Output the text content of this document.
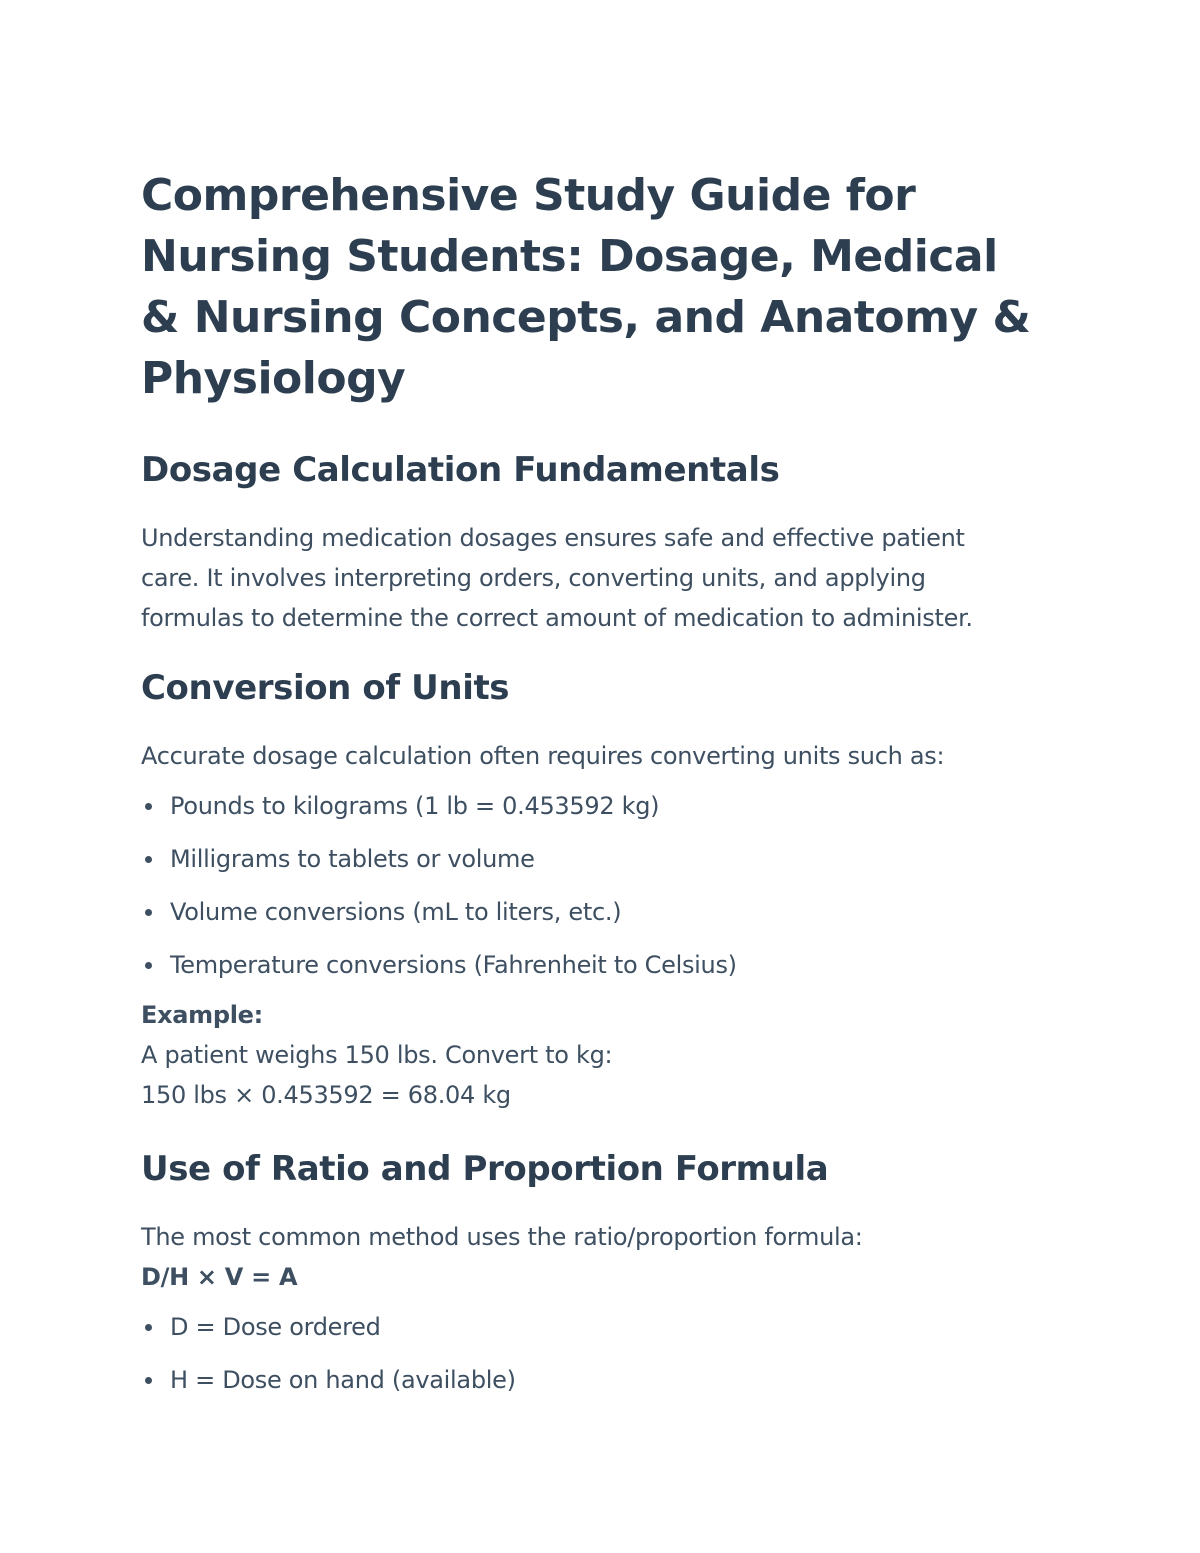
Comprehensive Study Guide for Nursing Students: Dosage, Medical & Nursing Concepts, and Anatomy & Physiology
Dosage Calculation Fundamentals

Understanding medication dosages ensures safe and effective patient
care. It involves interpreting orders, converting units, and applying
formulas to determine the correct amount of medication to administer.

Conversion of Units

Accurate dosage calculation often requires converting units such as:

Pounds to kilograms (1 lb = 0.453592 kg)
Milligrams to tablets or volume
Volume conversions (mL to liters, etc.)
Temperature conversions (Fahrenheit to Celsius)

Example:
A patient weighs 150 lbs. Convert to kg:
150 lbs × 0.453592 = 68.04 kg

Use of Ratio and Proportion Formula

The most common method uses the ratio/proportion formula:
D/H × V = A

D = Dose ordered
H = Dose on hand (available)
